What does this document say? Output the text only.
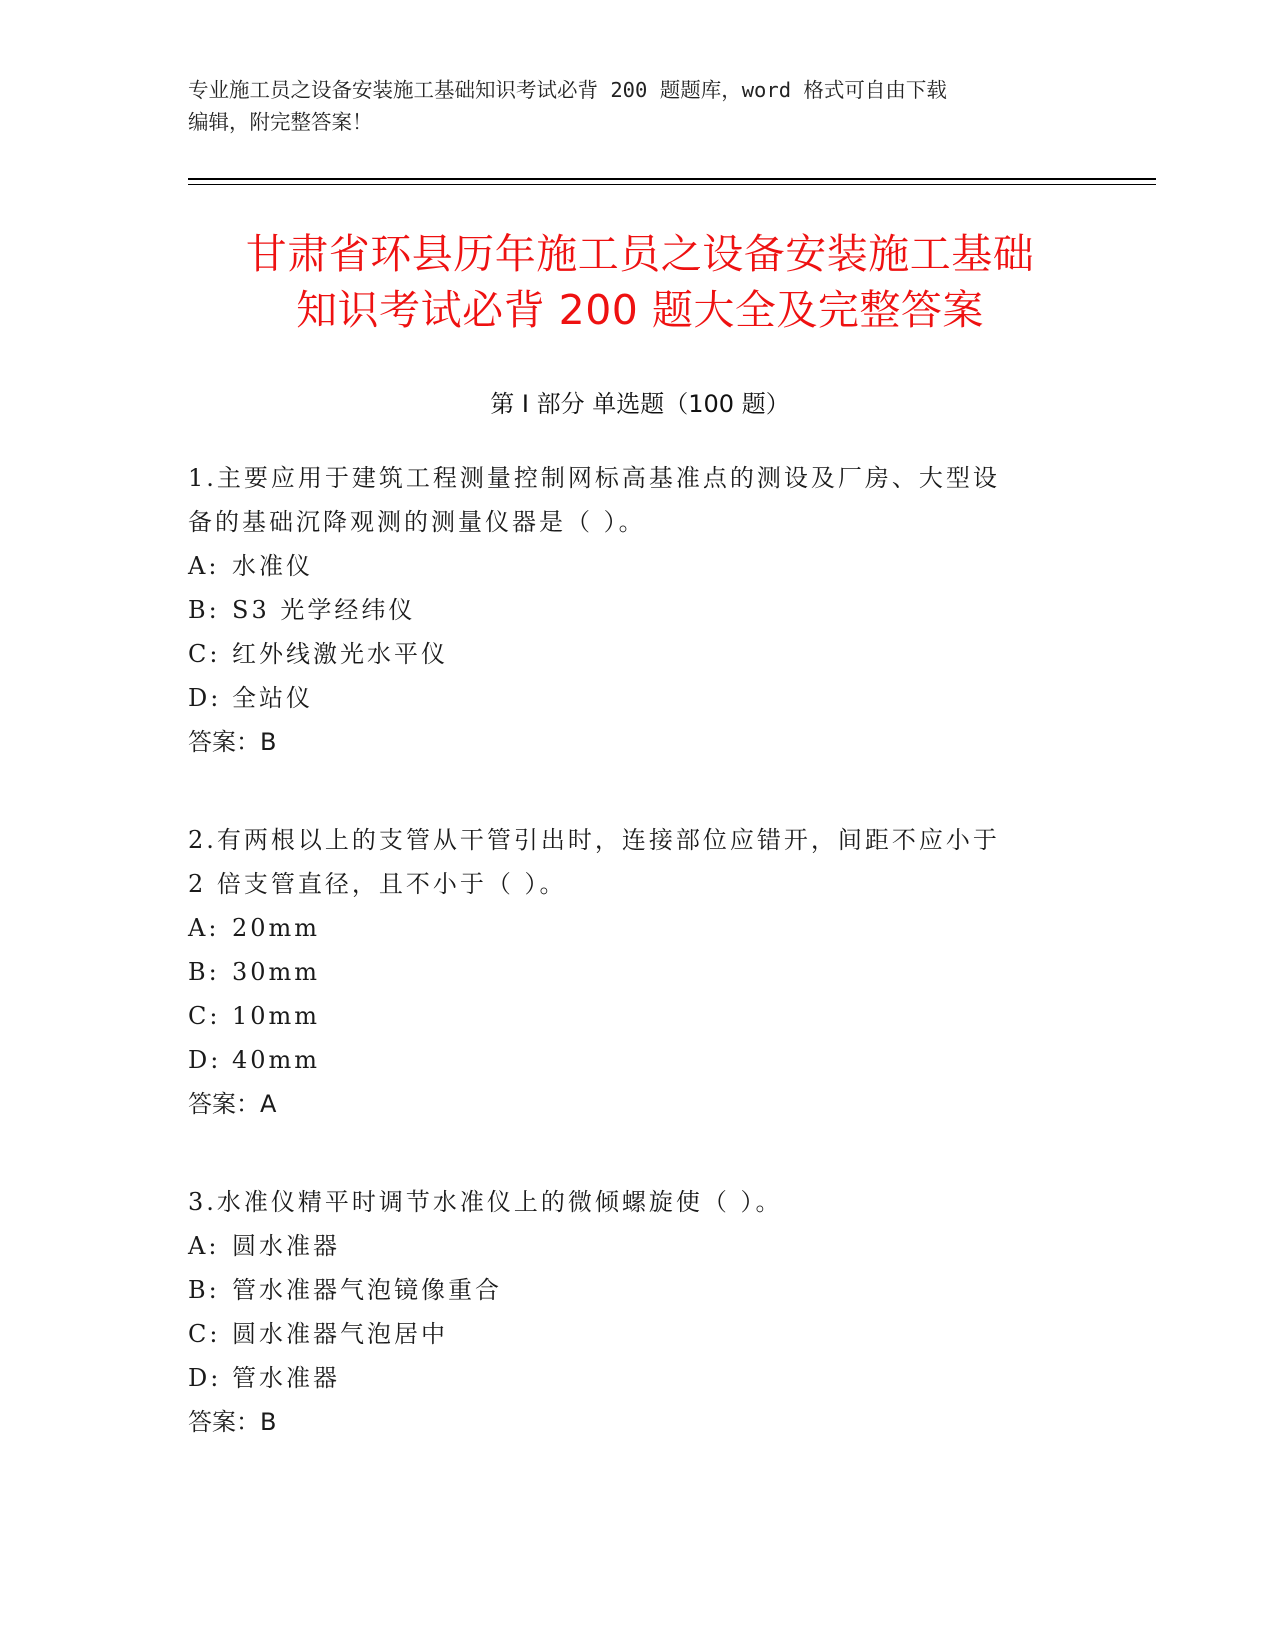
专业施工员之设备安装施工基础知识考试必背 200 题题库，word 格式可自由下载
编辑，附完整答案！
甘肃省环县历年施工员之设备安装施工基础
知识考试必背 200 题大全及完整答案
第 I 部分 单选题（100 题）

1.主要应用于建筑工程测量控制网标高基准点的测设及厂房、大型设

备的基础沉降观测的测量仪器是（ ）。

A: 水准仪

B: S3 光学经纬仪

C: 红外线激光水平仪

D: 全站仪

答案：B

2.有两根以上的支管从干管引出时，连接部位应错开，间距不应小于

2 倍支管直径，且不小于（ ）。

A: 20mm

B: 30mm

C: 10mm

D: 40mm

答案：A

3.水准仪精平时调节水准仪上的微倾螺旋使（ ）。

A: 圆水准器

B: 管水准器气泡镜像重合

C: 圆水准器气泡居中

D: 管水准器

答案：B
